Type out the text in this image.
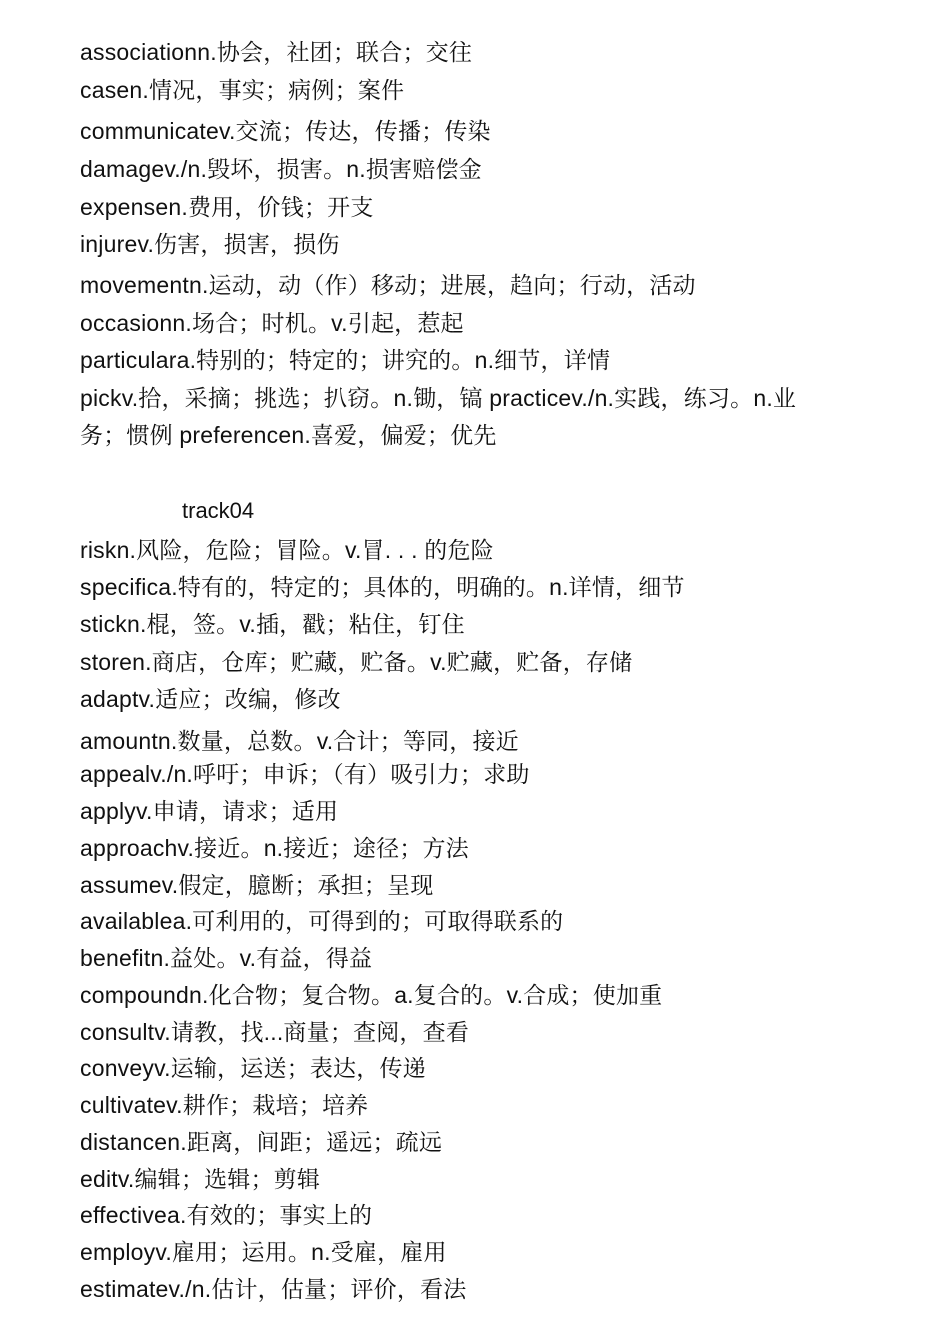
associationn.协会，社团；联合；交往
casen.情况，事实；病例；案件
communicatev.交流；传达，传播；传染
damagev./n.毁坏，损害。n.损害赔偿金
expensen.费用，价钱；开支
injurev.伤害，损害，损伤
movementn.运动，动（作）移动；进展，趋向；行动，活动
occasionn.场合；时机。v.引起，惹起
particulara.特别的；特定的；讲究的。n.细节，详情
pickv.拾，采摘；挑选；扒窃。n.锄，镐 practicev./n.实践，练习。n.业
务；惯例 preferencen.喜爱，偏爱；优先
track04
riskn.风险，危险；冒险。v.冒. . . 的危险
specifica.特有的，特定的；具体的，明确的。n.详情，细节
stickn.棍，签。v.插，戳；粘住，钉住
storen.商店，仓库；贮藏，贮备。v.贮藏，贮备，存储
adaptv.适应；改编，修改
amountn.数量，总数。v.合计；等同，接近
appealv./n.呼吁；申诉；（有）吸引力；求助
applyv.申请，请求；适用
approachv.接近。n.接近；途径；方法
assumev.假定，臆断；承担；呈现
availablea.可利用的，可得到的；可取得联系的
benefitn.益处。v.有益，得益
compoundn.化合物；复合物。a.复合的。v.合成；使加重
consultv.请教，找...商量；查阅，查看
conveyv.运输，运送；表达，传递
cultivatev.耕作；栽培；培养
distancen.距离，间距；遥远；疏远
editv.编辑；选辑；剪辑
effectivea.有效的；事实上的
employv.雇用；运用。n.受雇，雇用
estimatev./n.估计，估量；评价，看法
